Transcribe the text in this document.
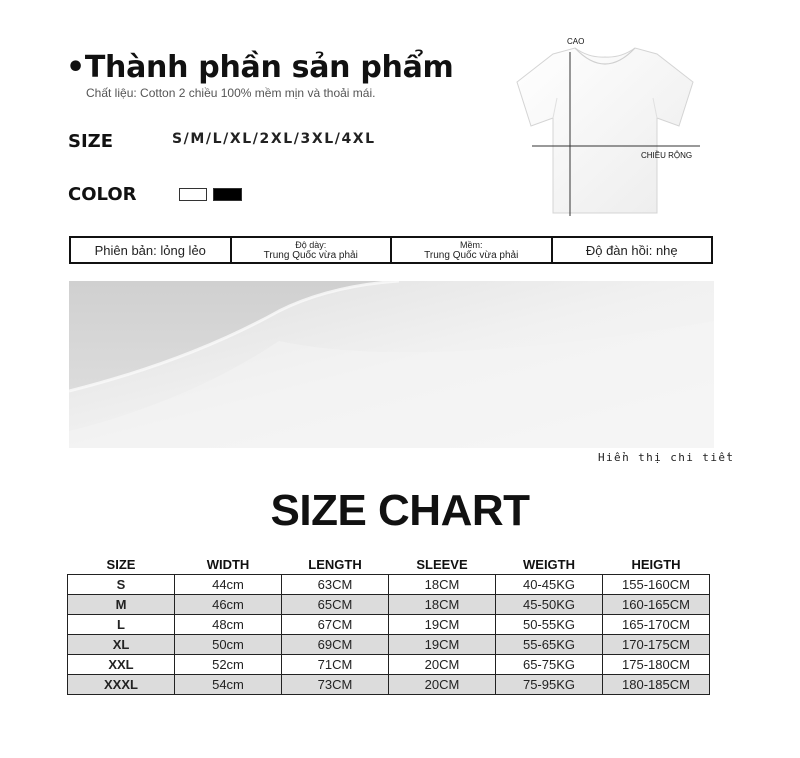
•Thành phần sản phẩm
Chất liệu: Cotton 2 chiều 100% mềm mịn và thoải mái.
SIZE	S/M/L/XL/2XL/3XL/4XL
COLOR
CAO
CHIỀU RỘNG
Phiên bản: lỏng lẻo	Độ dày:
Trung Quốc vừa phải
Mềm:
Trung Quốc vừa phải	Độ đàn hồi: nhẹ
Hiển thị chi tiết
SIZE CHART
SIZE	WIDTH	LENGTH	SLEEVE	WEIGTH	HEIGTH
S	44cm	63CM	18CM	40-45KG	155-160CM
M	46cm	65CM	18CM	45-50KG	160-165CM
L	48cm	67CM	19CM	50-55KG	165-170CM
XL	50cm	69CM	19CM	55-65KG	170-175CM
XXL	52cm	71CM	20CM	65-75KG	175-180CM
XXXL	54cm	73CM	20CM	75-95KG	180-185CM
